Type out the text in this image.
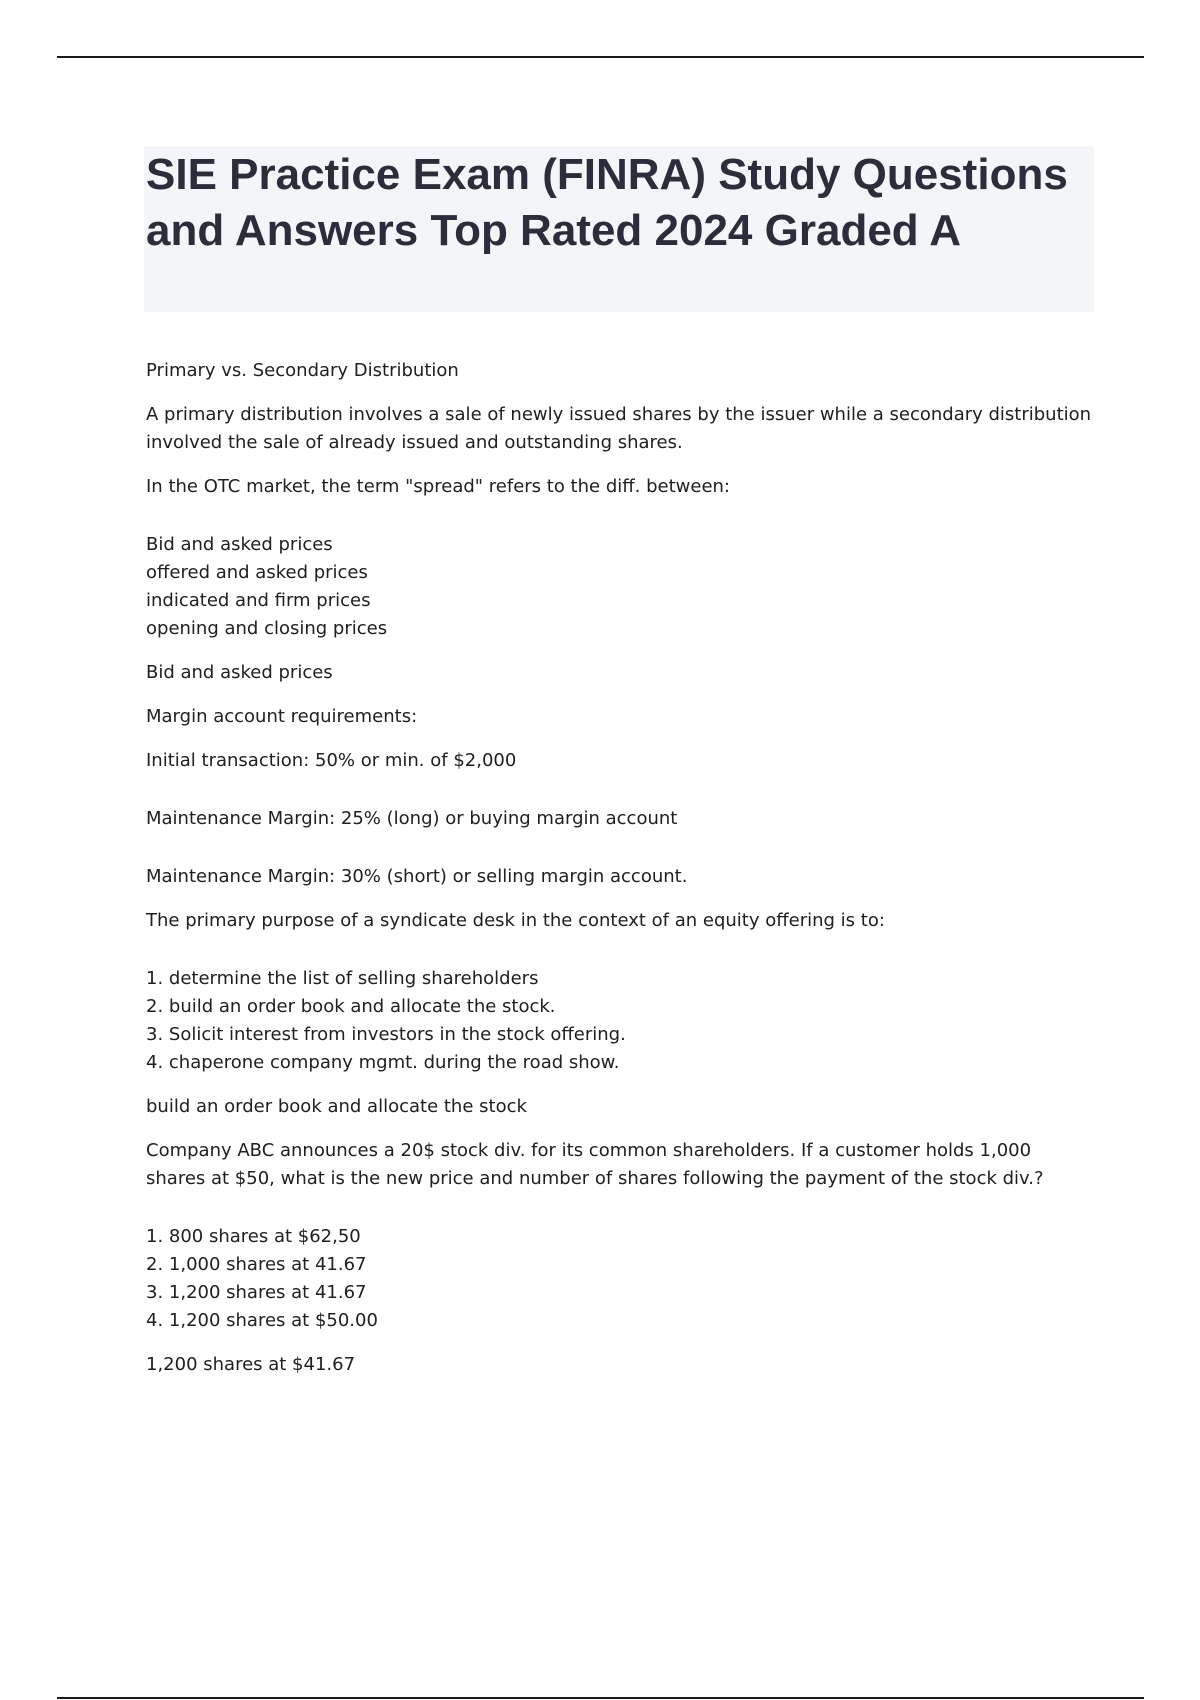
SIE Practice Exam (FINRA) Study Questions and Answers Top Rated 2024 Graded A

Primary vs. Secondary Distribution

A primary distribution involves a sale of newly issued shares by the issuer while a secondary distribution involved the sale of already issued and outstanding shares.

In the OTC market, the term "spread" refers to the diff. between:

Bid and asked prices
offered and asked prices
indicated and firm prices
opening and closing prices

Bid and asked prices

Margin account requirements:

Initial transaction: 50% or min. of $2,000

Maintenance Margin: 25% (long) or buying margin account

Maintenance Margin: 30% (short) or selling margin account.

The primary purpose of a syndicate desk in the context of an equity offering is to:

1. determine the list of selling shareholders
2. build an order book and allocate the stock.
3. Solicit interest from investors in the stock offering.
4. chaperone company mgmt. during the road show.

build an order book and allocate the stock

Company ABC announces a 20$ stock div. for its common shareholders. If a customer holds 1,000 shares at $50, what is the new price and number of shares following the payment of the stock div.?

1. 800 shares at $62,50
2. 1,000 shares at 41.67
3. 1,200 shares at 41.67
4. 1,200 shares at $50.00

1,200 shares at $41.67
